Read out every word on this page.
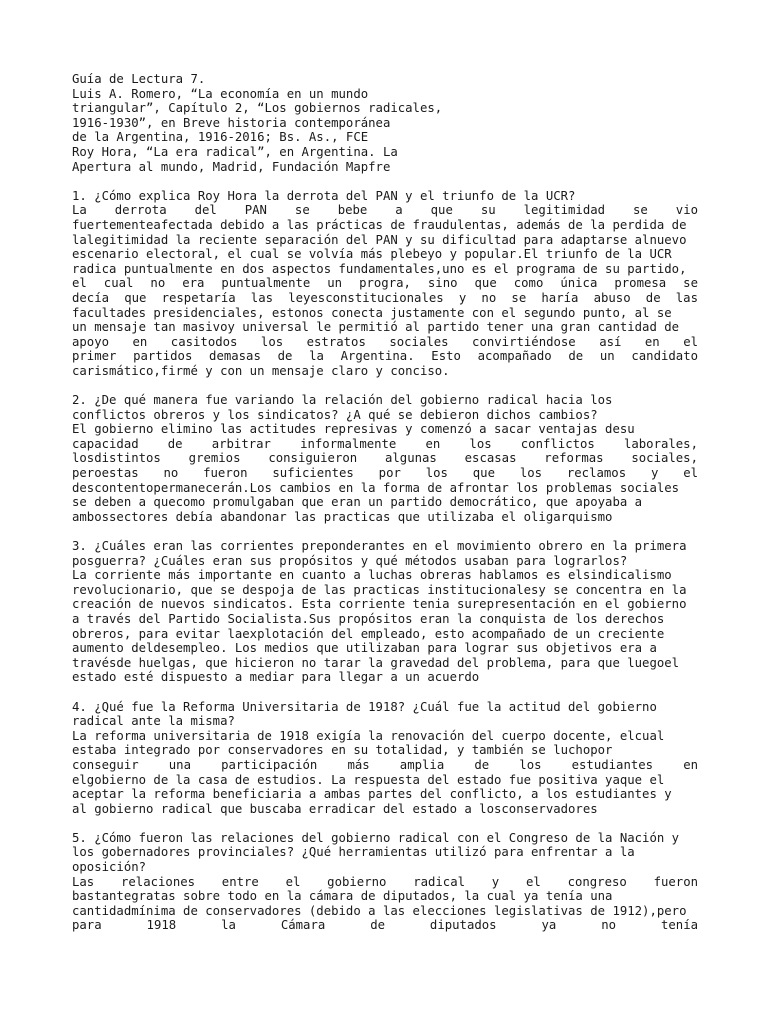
Guía de Lectura 7.
Luis A. Romero, “La economía en un mundo
triangular”, Capítulo 2, “Los gobiernos radicales,
1916-1930”, en Breve historia contemporánea
de la Argentina, 1916-2016; Bs. As., FCE
Roy Hora, “La era radical”, en Argentina. La
Apertura al mundo, Madrid, Fundación Mapfre
1. ¿Cómo explica Roy Hora la derrota del PAN y el triunfo de la UCR?
La derrota del PAN se bebe a que su legitimidad se vio
fuertementeafectada debido a las prácticas de fraudulentas, además de la perdida de
lalegitimidad la reciente separación del PAN y su dificultad para adaptarse alnuevo
escenario electoral, el cual se volvía más plebeyo y popular.El triunfo de la UCR
radica puntualmente en dos aspectos fundamentales,uno es el programa de su partido,
el cual no era puntualmente un progra, sino que como única promesa se
decía que respetaría las leyesconstitucionales y no se haría abuso de las
facultades presidenciales, estonos conecta justamente con el segundo punto, al se
un mensaje tan masivoy universal le permitió al partido tener una gran cantidad de
apoyo en casitodos los estratos sociales convirtiéndose así en el
primer partidos demasas de la Argentina. Esto acompañado de un candidato
carismático,firmé y con un mensaje claro y conciso.
2. ¿De qué manera fue variando la relación del gobierno radical hacia los
conflictos obreros y los sindicatos? ¿A qué se debieron dichos cambios?
El gobierno elimino las actitudes represivas y comenzó a sacar ventajas desu
capacidad de arbitrar informalmente en los conflictos laborales,
losdistintos gremios consiguieron algunas escasas reformas sociales,
peroestas no fueron suficientes por los que los reclamos y el
descontentopermanecerán.Los cambios en la forma de afrontar los problemas sociales
se deben a quecomo promulgaban que eran un partido democrático, que apoyaba a
ambossectores debía abandonar las practicas que utilizaba el oligarquismo
3. ¿Cuáles eran las corrientes preponderantes en el movimiento obrero en la primera
posguerra? ¿Cuáles eran sus propósitos y qué métodos usaban para lograrlos?
La corriente más importante en cuanto a luchas obreras hablamos es elsindicalismo
revolucionario, que se despoja de las practicas institucionalesy se concentra en la
creación de nuevos sindicatos. Esta corriente tenia surepresentación en el gobierno
a través del Partido Socialista.Sus propósitos eran la conquista de los derechos
obreros, para evitar laexplotación del empleado, esto acompañado de un creciente
aumento deldesempleo. Los medios que utilizaban para lograr sus objetivos era a
travésde huelgas, que hicieron no tarar la gravedad del problema, para que luegoel
estado esté dispuesto a mediar para llegar a un acuerdo
4. ¿Qué fue la Reforma Universitaria de 1918? ¿Cuál fue la actitud del gobierno
radical ante la misma?
La reforma universitaria de 1918 exigía la renovación del cuerpo docente, elcual
estaba integrado por conservadores en su totalidad, y también se luchopor
conseguir una participación más amplia de los estudiantes en
elgobierno de la casa de estudios. La respuesta del estado fue positiva yaque el
aceptar la reforma beneficiaria a ambas partes del conflicto, a los estudiantes y
al gobierno radical que buscaba erradicar del estado a losconservadores
5. ¿Cómo fueron las relaciones del gobierno radical con el Congreso de la Nación y
los gobernadores provinciales? ¿Qué herramientas utilizó para enfrentar a la
oposición?
Las relaciones entre el gobierno radical y el congreso fueron
bastantegratas sobre todo en la cámara de diputados, la cual ya tenía una
cantidadmínima de conservadores (debido a las elecciones legislativas de 1912),pero
para 1918 la Cámara de diputados ya no tenía
